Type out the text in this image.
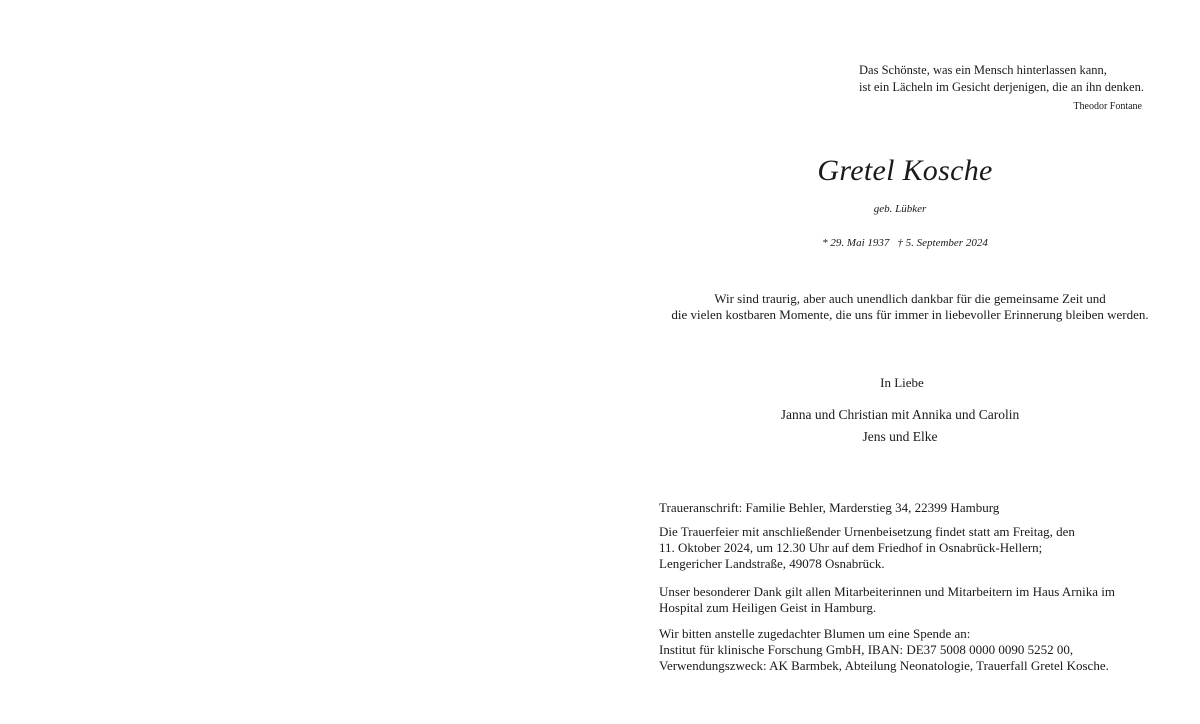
Das Schönste, was ein Mensch hinterlassen kann,
ist ein Lächeln im Gesicht derjenigen, die an ihn denken.
Theodor Fontane
Gretel Kosche
geb. Lübker
* 29. Mai 1937 † 5. September 2024
Wir sind traurig, aber auch unendlich dankbar für die gemeinsame Zeit und
die vielen kostbaren Momente, die uns für immer in liebevoller Erinnerung bleiben werden.
In Liebe
Janna und Christian mit Annika und Carolin
Jens und Elke
Traueranschrift: Familie Behler, Marderstieg 34, 22399 Hamburg
Die Trauerfeier mit anschließender Urnenbeisetzung findet statt am Freitag, den
11. Oktober 2024, um 12.30 Uhr auf dem Friedhof in Osnabrück-Hellern;
Lengericher Landstraße, 49078 Osnabrück.
Unser besonderer Dank gilt allen Mitarbeiterinnen und Mitarbeitern im Haus Arnika im
Hospital zum Heiligen Geist in Hamburg.
Wir bitten anstelle zugedachter Blumen um eine Spende an:
Institut für klinische Forschung GmbH, IBAN: DE37 5008 0000 0090 5252 00,
Verwendungszweck: AK Barmbek, Abteilung Neonatologie, Trauerfall Gretel Kosche.
